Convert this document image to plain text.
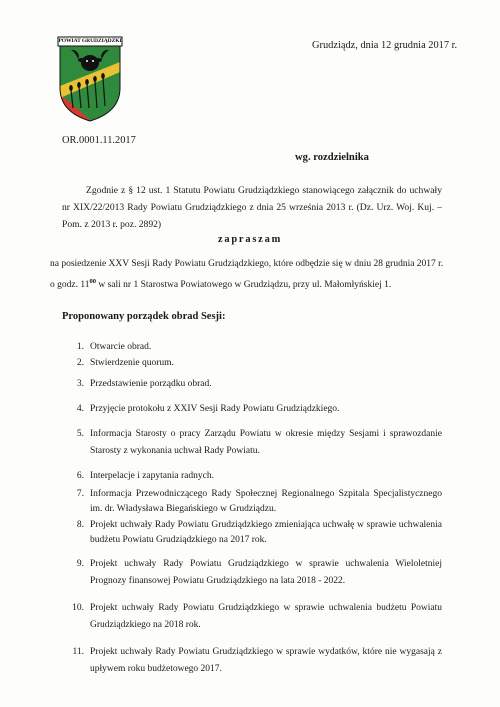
POWIAT GRUDZIĄDZKI	Grudziądz, dnia 12 grudnia 2017 r.
OR.0001.11.2017
wg. rozdzielnika
Zgodnie z § 12 ust. 1 Statutu Powiatu Grudziądzkiego stanowiącego załącznik do uchwały nr XIX/22/2013 Rady Powiatu Grudziądzkiego z dnia 25 września 2013 r. (Dz. Urz. Woj. Kuj. – Pom. z 2013 r. poz. 2892)
zapraszam
na posiedzenie XXV Sesji Rady Powiatu Grudziądzkiego, które odbędzie się w dniu 28 grudnia 2017 r. o godz. $11^{00}$ w sali nr 1 Starostwa Powiatowego w Grudziądzu, przy ul. Małomłyńskiej 1.
Proponowany porządek obrad Sesji:
1. Otwarcie obrad.
2. Stwierdzenie quorum.
3. Przedstawienie porządku obrad.
4. Przyjęcie protokołu z XXIV Sesji Rady Powiatu Grudziądzkiego.
5. Informacja Starosty o pracy Zarządu Powiatu w okresie między Sesjami i sprawozdanie Starosty z wykonania uchwał Rady Powiatu.
6. Interpelacje i zapytania radnych.
7. Informacja Przewodniczącego Rady Społecznej Regionalnego Szpitala Specjalistycznego im. dr. Władysława Biegańskiego w Grudziądzu.
8. Projekt uchwały Rady Powiatu Grudziądzkiego zmieniająca uchwałę w sprawie uchwalenia budżetu Powiatu Grudziądzkiego na 2017 rok.
9. Projekt uchwały Rady Powiatu Grudziądzkiego w sprawie uchwalenia Wieloletniej Prognozy finansowej Powiatu Grudziądzkiego na lata 2018 - 2022.
10. Projekt uchwały Rady Powiatu Grudziądzkiego w sprawie uchwalenia budżetu Powiatu Grudziądzkiego na 2018 rok.
11. Projekt uchwały Rady Powiatu Grudziądzkiego w sprawie wydatków, które nie wygasają z upływem roku budżetowego 2017.
